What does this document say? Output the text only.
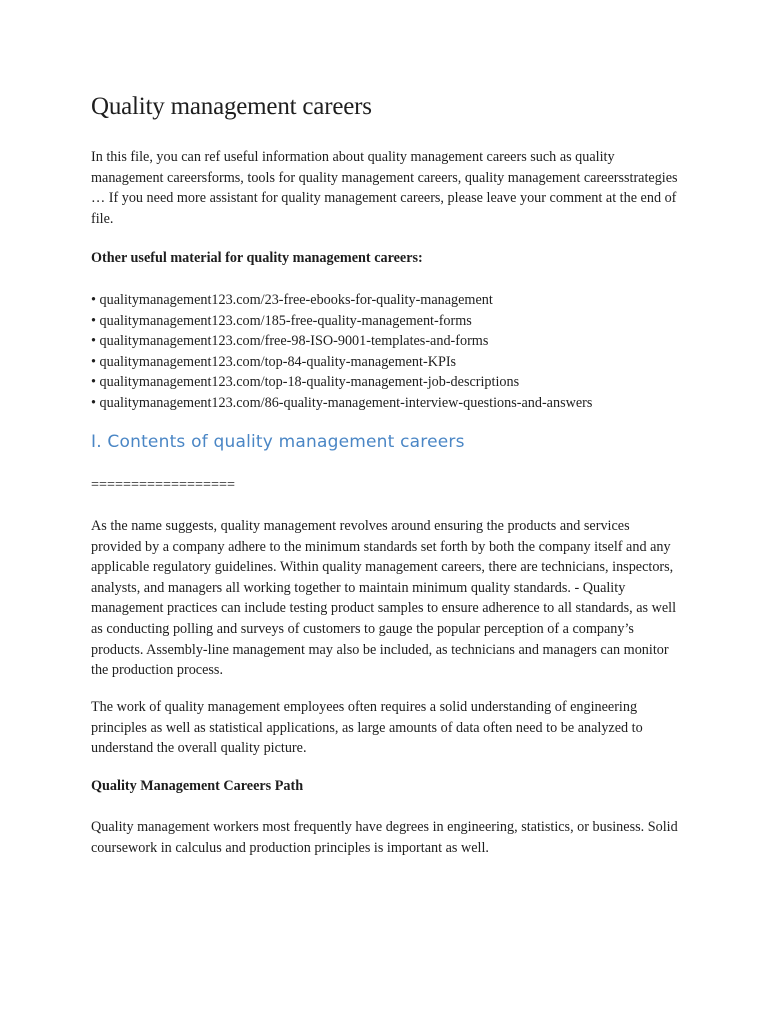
Quality management careers

In this file, you can ref useful information about quality management careers such as quality management careersforms, tools for quality management careers, quality management careersstrategies … If you need more assistant for quality management careers, please leave your comment at the end of file.

Other useful material for quality management careers:

• qualitymanagement123.com/23-free-ebooks-for-quality-management
• qualitymanagement123.com/185-free-quality-management-forms
• qualitymanagement123.com/free-98-ISO-9001-templates-and-forms
• qualitymanagement123.com/top-84-quality-management-KPIs
• qualitymanagement123.com/top-18-quality-management-job-descriptions
• qualitymanagement123.com/86-quality-management-interview-questions-and-answers
I. Contents of quality management careers

==================

As the name suggests, quality management revolves around ensuring the products and services provided by a company adhere to the minimum standards set forth by both the company itself and any applicable regulatory guidelines. Within quality management careers, there are technicians, inspectors, analysts, and managers all working together to maintain minimum quality standards. - Quality management practices can include testing product samples to ensure adherence to all standards, as well as conducting polling and surveys of customers to gauge the popular perception of a company’s products. Assembly-line management may also be included, as technicians and managers can monitor the production process.

The work of quality management employees often requires a solid understanding of engineering principles as well as statistical applications, as large amounts of data often need to be analyzed to understand the overall quality picture.

Quality Management Careers Path

Quality management workers most frequently have degrees in engineering, statistics, or business. Solid coursework in calculus and production principles is important as well.
